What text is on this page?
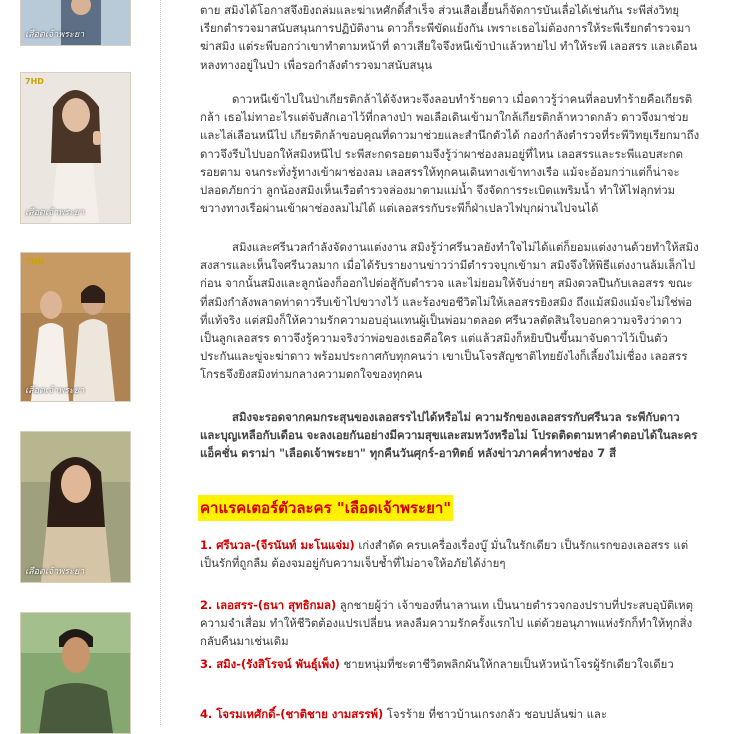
เลือดเจ้าพระยา
7HD
เลือดเจ้าพระยา
7HD
เลือดเจ้าพระยา
เลือดเจ้าพระยา

ตาย สมิงได้โอกาสจึงยิงถล่มและฆ่าเหศักดิ์สำเร็จ ส่วนเสือเฮี้ยนก็จัดการบันเลื่อได้เช่นกัน ระพีส่งวิทยุเรียกตำรวจมาสนับสนุนการปฏิบัติงาน ดาวก็ระพีขัดแย้งกัน เพราะเธอไม่ต้องการให้ระพีเรียกตำรวจมาฆ่าสมิง แต่ระพีบอกว่าเขาทำตามหน้าที่ ดาวเสียใจจึงหนีเข้าป่าแล้วหายไป ทำให้ระพี เลอสรร และเดือนหลงทางอยู่ในป่า เพื่อรอกำลังตำรวจมาสนับสนุน

ดาวหนีเข้าไปในป่าเกียรติกล้าได้จังหวะจึงลอบทำร้ายดาว เมื่อดาวรู้ว่าคนที่ลอบทำร้ายคือเกียรติกล้า เธอไม่ทาอะไรแต่จับสักเอาไว้ที่กลางป่า พอเลือเดินเข้ามาใกล้เกียรติกล้าหวาดกลัว ดาวจึงมาช่วยและไล่เลือนหนีไป เกียรติกล้าขอบคุณที่ดาวมาช่วยและสำนึกตัวได้ กองกำลังตำรวจที่ระพีวิทยุเรียกมาถึง ดาวจึงรีบไปบอกให้สมิงหนีไป ระพีสะกดรอยตามจึงรู้ว่าผาช่องลมอยู่ที่ไหน เลอสรรและระพีแอบสะกดรอยตาม จนกระทั่งรู้ทางเข้าผาช่องลม เลอสรรให้ทุกคนเดินทางเข้าทางเรือ แม้จะอ้อมกว่าแต่ก็น่าจะปลอดภัยกว่า ลูกน้องสมิงเห็นเรือตำรวจล่องมาตามแม่น้ำ จึงจัดการระเบิดแพริมน้ำ ทำให้ไฟลุกท่วมขวางทางเรือผ่านเข้าผาช่องลมไม่ได้ แต่เลอสรรกับระพีก็ฝ่าเปลวไฟบุกผ่านไปจนได้

สมิงและศรีนวลกำลังจัดงานแต่งงาน สมิงรู้ว่าศรีนวลยังทำใจไม่ได้แต่ก็ยอมแต่งงานด้วยทำให้สมิงสงสารและเห็นใจศรีนวลมาก เมื่อได้รับรายงานข่าวว่ามีตำรวจบุกเข้ามา สมิงจึงให้พิธีแต่งงานล้มเล็กไปก่อน จากนั้นสมิงและลูกน้องก็ออกไปต่อสู้กับตำรวจ และไม่ยอมให้จับง่ายๆ สมิงดวลปืนกับเลอสรร ขณะที่สมิงกำลังพลาดท่าดาวรีบเข้าไปขวางไว้ และร้องขอชีวิตไม่ให้เลอสรรยิงสมิง ถึงแม้สมิงแม้จะไม่ใช่พ่อที่แท้จริง แต่สมิงก็ให้ความรักความอบอุ่นแทนผู้เป็นพ่อมาตลอด ศรีนวลตัดสินใจบอกความจริงว่าดาวเป็นลูกเลอสรร ดาวจึงรู้ความจริงว่าพ่อของเธอคือใคร แต่แล้วสมิงก็หยิบปืนขึ้นมาจับดาวไว้เป็นตัวประกันและขู่จะฆ่าดาว พร้อมประกาศกับทุกคนว่า เขาเป็นโจรสัญชาติไทยยังไงก็เลี้ยงไม่เชื่อง เลอสรรโกรธจึงยิงสมิงท่ามกลางความตกใจของทุกคน

สมิงจะรอดจากคมกระสุนของเลอสรรไปได้หรือไม่ ความรักของเลอสรรกับศรีนวล ระพีกับดาว และบุญเหลือกับเดือน จะลงเอยกันอย่างมีความสุขและสมหวังหรือไม่ โปรดติดตามหาคำตอบได้ในละครแอ็คชั่น ดราม่า "เลือดเจ้าพระยา" ทุกคืนวันศุกร์-อาทิตย์ หลังข่าวภาคค่ำทางช่อง 7 สี

คาแรคเตอร์ตัวละคร "เลือดเจ้าพระยา"

1. ศรีนวล-(จีรนันท์ มะโนแจ่ม) เก่งสำดัด ครบเครื่องเรื่องบู๊ มั่นในรักเดียว เป็นรักแรกของเลอสรร แต่เป็นรักที่ถูกลืม ต้องจมอยู่กับความเจ็บช้ำที่ไม่อาจให้อภัยได้ง่ายๆ

2. เลอสรร-(ธนา สุทธิกมล) ลูกชายผู้ว่า เจ้าของที่นาลานเท เป็นนายตำรวจกองปราบที่ประสบอุบัติเหตุความจำเสื่อม ทำให้ชีวิตต้องแปรเปลี่ยน หลงลืมความรักครั้งแรกไป แต่ด้วยอนุภาพแห่งรักก็ทำให้ทุกสิ่งกลับคืนมาเช่นเดิม

3. สมิง-(รังสิโรจน์ พันธุ์เพ็ง) ชายหนุ่มที่ชะตาชีวิตพลิกผันให้กลายเป็นหัวหน้าโจรผู้รักเดียวใจเดียว

4. โจรมเหศักดิ์-(ชาติชาย งามสรรพ์) โจรร้าย ที่ชาวบ้านเกรงกลัว ชอบปล้นฆ่า และ
